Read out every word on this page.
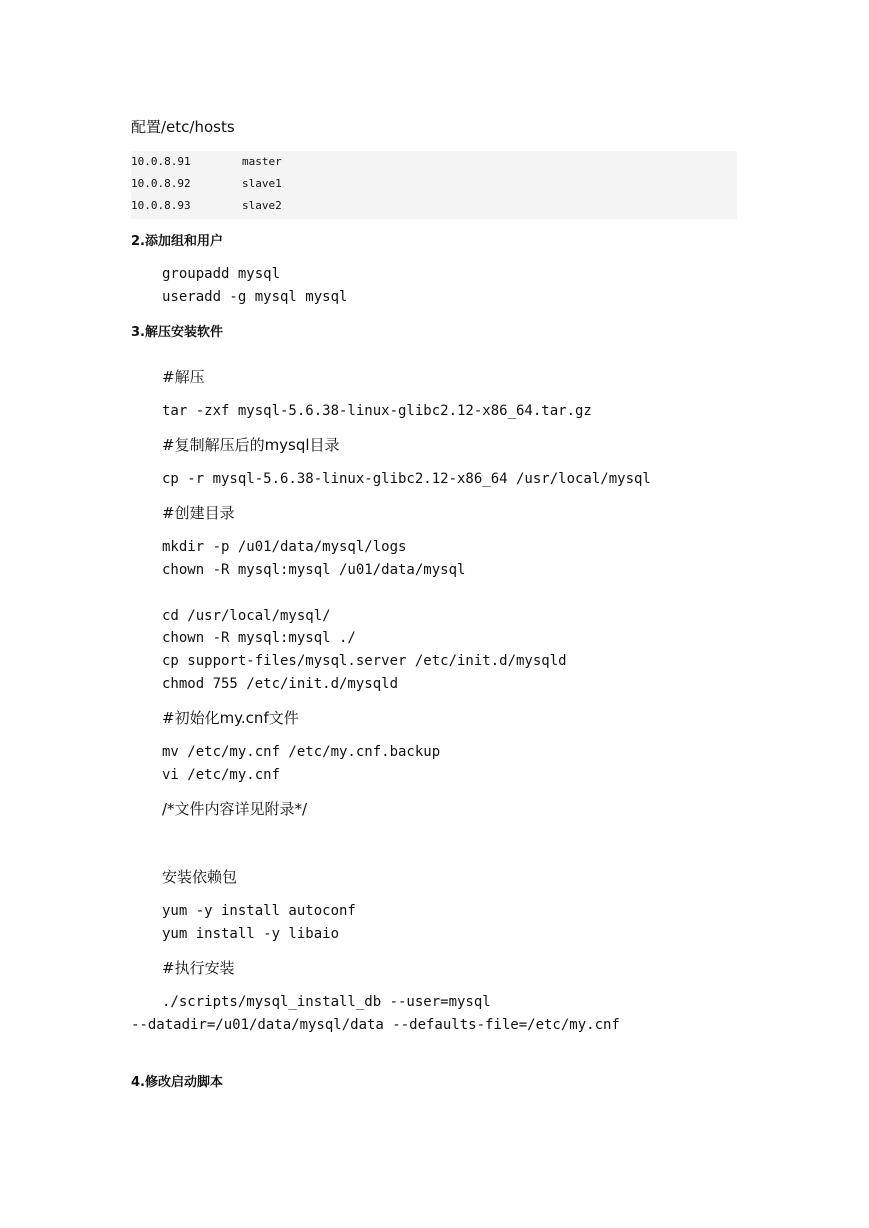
配置/etc/hosts
10.0.8.91	master
10.0.8.92	slave1
10.0.8.93	slave2
2.添加组和用户
groupadd mysql
useradd -g mysql mysql
3.解压安装软件
#解压
tar -zxf mysql-5.6.38-linux-glibc2.12-x86_64.tar.gz
#复制解压后的mysql目录
cp -r mysql-5.6.38-linux-glibc2.12-x86_64 /usr/local/mysql
#创建目录
mkdir -p /u01/data/mysql/logs
chown -R mysql:mysql /u01/data/mysql
cd /usr/local/mysql/
chown -R mysql:mysql ./
cp support-files/mysql.server /etc/init.d/mysqld
chmod 755 /etc/init.d/mysqld
#初始化my.cnf文件
mv /etc/my.cnf /etc/my.cnf.backup
vi /etc/my.cnf
/*文件内容详见附录*/
安装依赖包
yum -y install autoconf
yum install -y libaio
#执行安装
./scripts/mysql_install_db --user=mysql
--datadir=/u01/data/mysql/data --defaults-file=/etc/my.cnf
4.修改启动脚本
